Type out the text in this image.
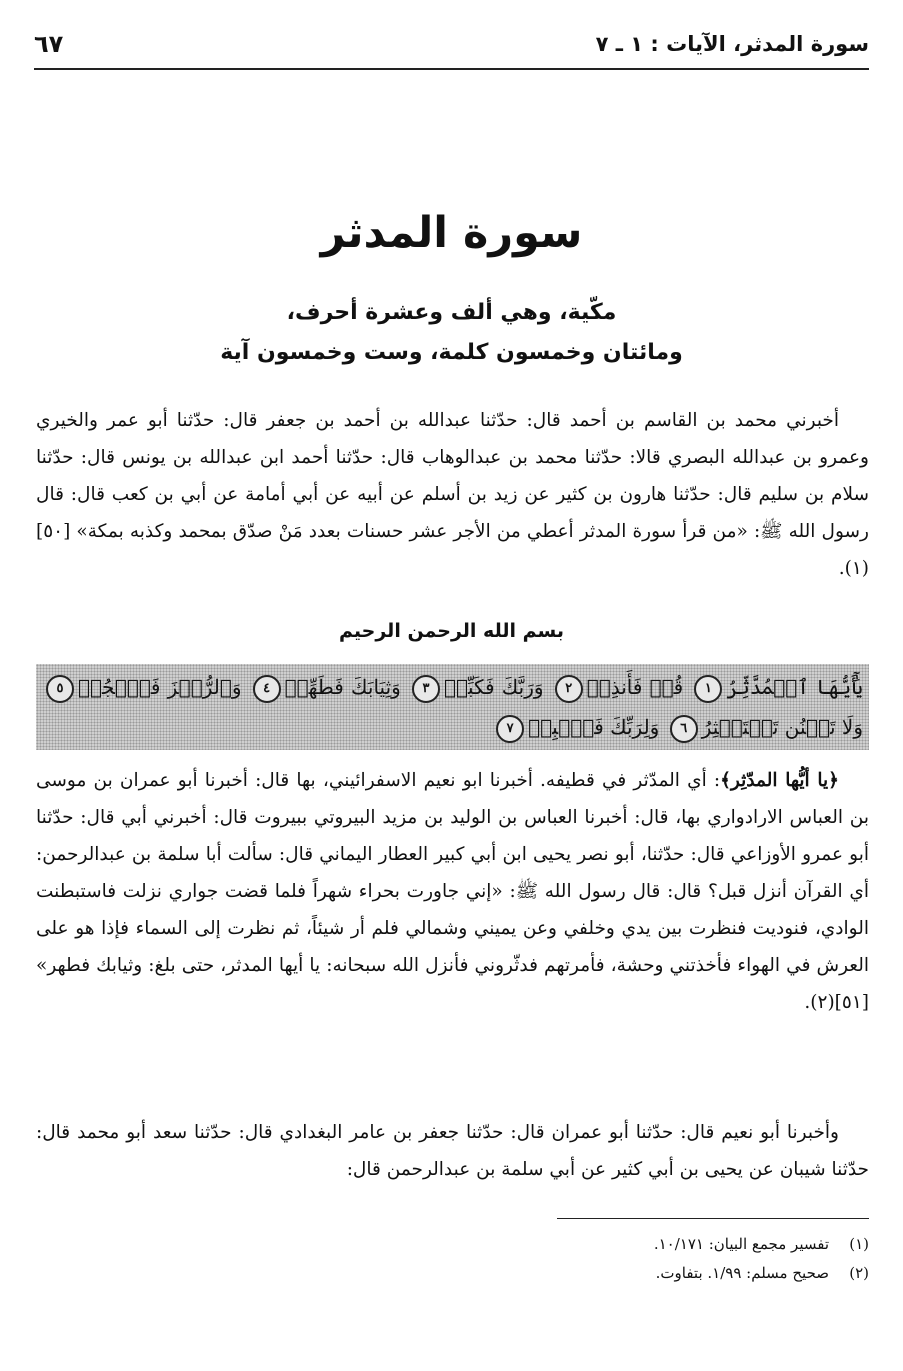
سورة المدثر، الآيات : ١ ـ ٧
٦٧
سورة المدثر
مكّية، وهي ألف وعشرة أحرف،
ومائتان وخمسون كلمة، وست وخمسون آية

أخبرني محمد بن القاسم بن أحمد قال: حدّثنا عبدالله بن أحمد بن جعفر قال: حدّثنا أبو عمر والخيري وعمرو بن عبدالله البصري قالا: حدّثنا محمد بن عبدالوهاب قال: حدّثنا أحمد ابن عبدالله بن يونس قال: حدّثنا سلام بن سليم قال: حدّثنا هارون بن كثير عن زيد بن أسلم عن أبيه عن أبي أمامة عن أبي بن كعب قال: قال رسول الله ﷺ: «من قرأ سورة المدثر أعطي من الأجر عشر حسنات بعدد مَنْ صدّق بمحمد وكذبه بمكة» [٥٠](١).

بسم الله الرحمن الرحيم
يَٰٓأَيُّهَا ٱلۡمُدَّثِّرُ١ قُمۡ فَأَنذِرۡ٢ وَرَبَّكَ فَكَبِّرۡ٣ وَثِيَابَكَ فَطَهِّرۡ٤ وَٱلرُّجۡزَ فَٱهۡجُرۡ٥ وَلَا تَمۡنُن تَسۡتَكۡثِرُ٦ وَلِرَبِّكَ فَٱصۡبِرۡ٧

﴿يا أيُّها المدّثِر﴾: أي المدّثر في قطيفه. أخبرنا ابو نعيم الاسفرائيني، بها قال: أخبرنا أبو عمران بن موسى بن العباس الارادواري بها، قال: أخبرنا العباس بن الوليد بن مزيد البيروتي ببيروت قال: أخبرني أبي قال: حدّثنا أبو عمرو الأوزاعي قال: حدّثنا، أبو نصر يحيى ابن أبي كبير العطار اليماني قال: سألت أبا سلمة بن عبدالرحمن: أي القرآن أنزل قبل؟ قال: قال رسول الله ﷺ: «إني جاورت بحراء شهراً فلما قضت جواري نزلت فاستبطنت الوادي، فنوديت فنظرت بين يدي وخلفي وعن يميني وشمالي فلم أر شيئاً، ثم نظرت إلى السماء فإذا هو على العرش في الهواء فأخذتني وحشة، فأمرتهم فدثّروني فأنزل الله سبحانه: يا أيها المدثر، حتى بلغ: وثيابك فطهر» [٥١](٢).

وأخبرنا أبو نعيم قال: حدّثنا أبو عمران قال: حدّثنا جعفر بن عامر البغدادي قال: حدّثنا سعد أبو محمد قال: حدّثنا شيبان عن يحيى بن أبي كثير عن أبي سلمة بن عبدالرحمن قال:

(١)تفسير مجمع البيان: ١٠/١٧١.
(٢)صحيح مسلم: ١/٩٩. بتفاوت.
